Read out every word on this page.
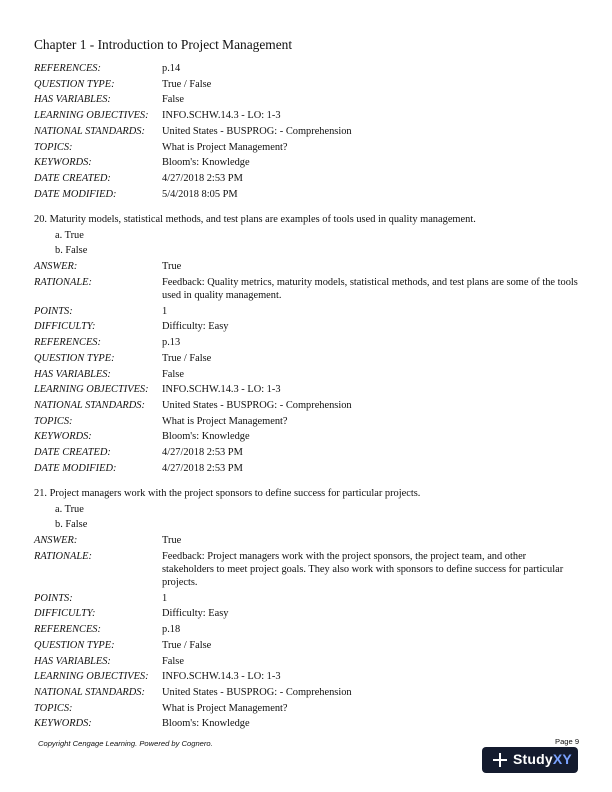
Chapter 1 - Introduction to Project Management
REFERENCES:	p.14
QUESTION TYPE:	True / False
HAS VARIABLES:	False
LEARNING OBJECTIVES:	INFO.SCHW.14.3 - LO: 1-3
NATIONAL STANDARDS:	United States - BUSPROG: - Comprehension
TOPICS:	What is Project Management?
KEYWORDS:	Bloom's: Knowledge
DATE CREATED:	4/27/2018 2:53 PM
DATE MODIFIED:	5/4/2018 8:05 PM
20. Maturity models, statistical methods, and test plans are examples of tools used in quality management.
a. True
b. False
ANSWER:	True
RATIONALE:	Feedback: Quality metrics, maturity models, statistical methods, and test plans are some of the tools used in quality management.
POINTS:	1
DIFFICULTY:	Difficulty: Easy
REFERENCES:	p.13
QUESTION TYPE:	True / False
HAS VARIABLES:	False
LEARNING OBJECTIVES:	INFO.SCHW.14.3 - LO: 1-3
NATIONAL STANDARDS:	United States - BUSPROG: - Comprehension
TOPICS:	What is Project Management?
KEYWORDS:	Bloom's: Knowledge
DATE CREATED:	4/27/2018 2:53 PM
DATE MODIFIED:	4/27/2018 2:53 PM
21. Project managers work with the project sponsors to define success for particular projects.
a. True
b. False
ANSWER:	True
RATIONALE:	Feedback: Project managers work with the project sponsors, the project team, and other stakeholders to meet project goals. They also work with sponsors to define success for particular projects.
POINTS:	1
DIFFICULTY:	Difficulty: Easy
REFERENCES:	p.18
QUESTION TYPE:	True / False
HAS VARIABLES:	False
LEARNING OBJECTIVES:	INFO.SCHW.14.3 - LO: 1-3
NATIONAL STANDARDS:	United States - BUSPROG: - Comprehension
TOPICS:	What is Project Management?
KEYWORDS:	Bloom's: Knowledge
Copyright Cengage Learning. Powered by Cognero.	Page 9
StudyXY
